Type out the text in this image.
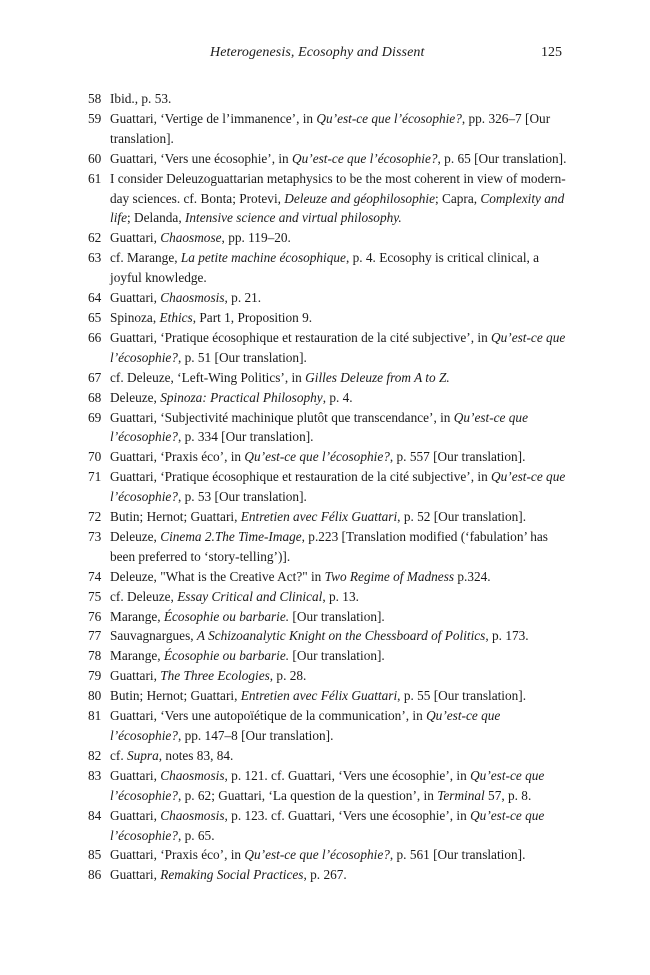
Heterogenesis, Ecosophy and Dissent	125
58 Ibid., p. 53.
59 Guattari, ‘Vertige de l’immanence’, in Qu’est-ce que l’écosophie?, pp. 326–7 [Our translation].
60 Guattari, ‘Vers une écosophie’, in Qu’est-ce que l’écosophie?, p. 65 [Our translation].
61 I consider Deleuzoguattarian metaphysics to be the most coherent in view of modern-day sciences. cf. Bonta; Protevi, Deleuze and géophilosophie; Capra, Complexity and life; Delanda, Intensive science and virtual philosophy.
62 Guattari, Chaosmose, pp. 119–20.
63 cf. Marange, La petite machine écosophique, p. 4. Ecosophy is critical clinical, a joyful knowledge.
64 Guattari, Chaosmosis, p. 21.
65 Spinoza, Ethics, Part 1, Proposition 9.
66 Guattari, ‘Pratique écosophique et restauration de la cité subjective’, in Qu’est-ce que l’écosophie?, p. 51 [Our translation].
67 cf. Deleuze, ‘Left-Wing Politics’, in Gilles Deleuze from A to Z.
68 Deleuze, Spinoza: Practical Philosophy, p. 4.
69 Guattari, ‘Subjectivité machinique plutôt que transcendance’, in Qu’est-ce que l’écosophie?, p. 334 [Our translation].
70 Guattari, ‘Praxis éco’, in Qu’est-ce que l’écosophie?, p. 557 [Our translation].
71 Guattari, ‘Pratique écosophique et restauration de la cité subjective’, in Qu’est-ce que l’écosophie?, p. 53 [Our translation].
72 Butin; Hernot; Guattari, Entretien avec Félix Guattari, p. 52 [Our translation].
73 Deleuze, Cinema 2.The Time-Image, p.223 [Translation modified (‘fabulation’ has been preferred to ‘story-telling’)].
74 Deleuze, "What is the Creative Act?" in Two Regime of Madness p.324.
75 cf. Deleuze, Essay Critical and Clinical, p. 13.
76 Marange, Écosophie ou barbarie. [Our translation].
77 Sauvagnargues, A Schizoanalytic Knight on the Chessboard of Politics, p. 173.
78 Marange, Écosophie ou barbarie. [Our translation].
79 Guattari, The Three Ecologies, p. 28.
80 Butin; Hernot; Guattari, Entretien avec Félix Guattari, p. 55 [Our translation].
81 Guattari, ‘Vers une autopoïétique de la communication’, in Qu’est-ce que l’écosophie?, pp. 147–8 [Our translation].
82 cf. Supra, notes 83, 84.
83 Guattari, Chaosmosis, p. 121. cf. Guattari, ‘Vers une écosophie’, in Qu’est-ce que l’écosophie?, p. 62; Guattari, ‘La question de la question’, in Terminal 57, p. 8.
84 Guattari, Chaosmosis, p. 123. cf. Guattari, ‘Vers une écosophie’, in Qu’est-ce que l’écosophie?, p. 65.
85 Guattari, ‘Praxis éco’, in Qu’est-ce que l’écosophie?, p. 561 [Our translation].
86 Guattari, Remaking Social Practices, p. 267.
